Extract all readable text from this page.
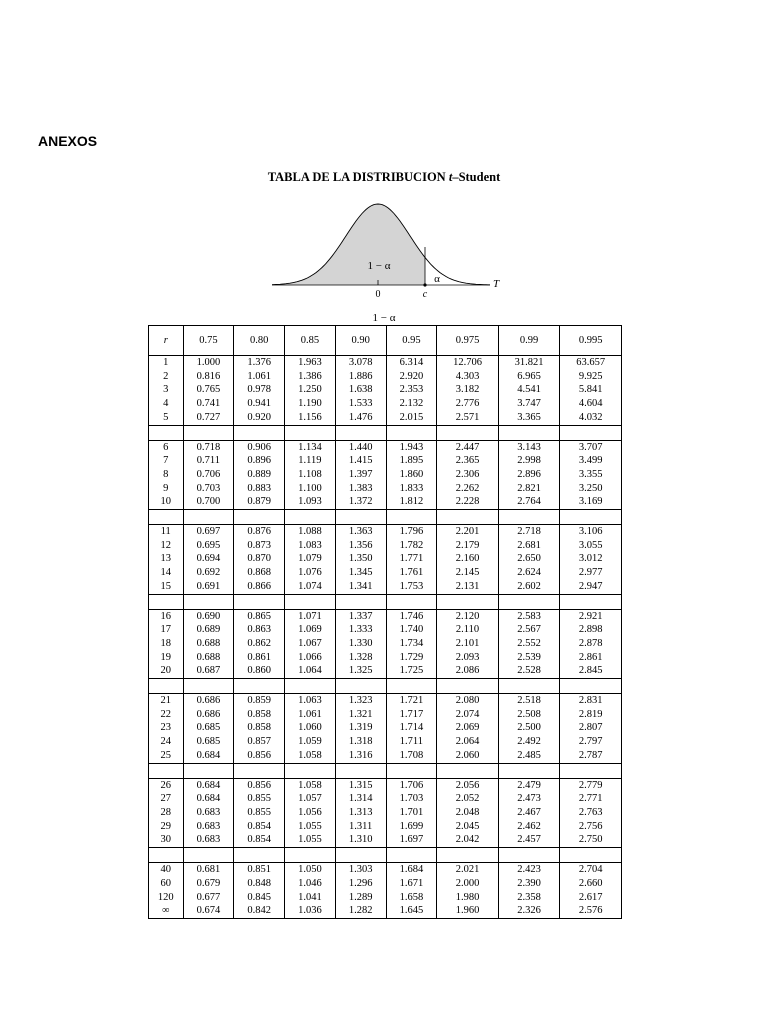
ANEXOS
TABLA DE LA DISTRIBUCION t–Student
1 − α
α
0	c
T
1 − α
r	0.75	0.80	0.85	0.90	0.95	0.975	0.99	0.995
1	1.000	1.376	1.963	3.078	6.314	12.706	31.821	63.657
2	0.816	1.061	1.386	1.886	2.920	4.303	6.965	9.925
3	0.765	0.978	1.250	1.638	2.353	3.182	4.541	5.841
4	0.741	0.941	1.190	1.533	2.132	2.776	3.747	4.604
5	0.727	0.920	1.156	1.476	2.015	2.571	3.365	4.032

6	0.718	0.906	1.134	1.440	1.943	2.447	3.143	3.707
7	0.711	0.896	1.119	1.415	1.895	2.365	2.998	3.499
8	0.706	0.889	1.108	1.397	1.860	2.306	2.896	3.355
9	0.703	0.883	1.100	1.383	1.833	2.262	2.821	3.250
10	0.700	0.879	1.093	1.372	1.812	2.228	2.764	3.169

11	0.697	0.876	1.088	1.363	1.796	2.201	2.718	3.106
12	0.695	0.873	1.083	1.356	1.782	2.179	2.681	3.055
13	0.694	0.870	1.079	1.350	1.771	2.160	2.650	3.012
14	0.692	0.868	1.076	1.345	1.761	2.145	2.624	2.977
15	0.691	0.866	1.074	1.341	1.753	2.131	2.602	2.947

16	0.690	0.865	1.071	1.337	1.746	2.120	2.583	2.921
17	0.689	0.863	1.069	1.333	1.740	2.110	2.567	2.898
18	0.688	0.862	1.067	1.330	1.734	2.101	2.552	2.878
19	0.688	0.861	1.066	1.328	1.729	2.093	2.539	2.861
20	0.687	0.860	1.064	1.325	1.725	2.086	2.528	2.845

21	0.686	0.859	1.063	1.323	1.721	2.080	2.518	2.831
22	0.686	0.858	1.061	1.321	1.717	2.074	2.508	2.819
23	0.685	0.858	1.060	1.319	1.714	2.069	2.500	2.807
24	0.685	0.857	1.059	1.318	1.711	2.064	2.492	2.797
25	0.684	0.856	1.058	1.316	1.708	2.060	2.485	2.787

26	0.684	0.856	1.058	1.315	1.706	2.056	2.479	2.779
27	0.684	0.855	1.057	1.314	1.703	2.052	2.473	2.771
28	0.683	0.855	1.056	1.313	1.701	2.048	2.467	2.763
29	0.683	0.854	1.055	1.311	1.699	2.045	2.462	2.756
30	0.683	0.854	1.055	1.310	1.697	2.042	2.457	2.750

40	0.681	0.851	1.050	1.303	1.684	2.021	2.423	2.704
60	0.679	0.848	1.046	1.296	1.671	2.000	2.390	2.660
120	0.677	0.845	1.041	1.289	1.658	1.980	2.358	2.617
∞	0.674	0.842	1.036	1.282	1.645	1.960	2.326	2.576
